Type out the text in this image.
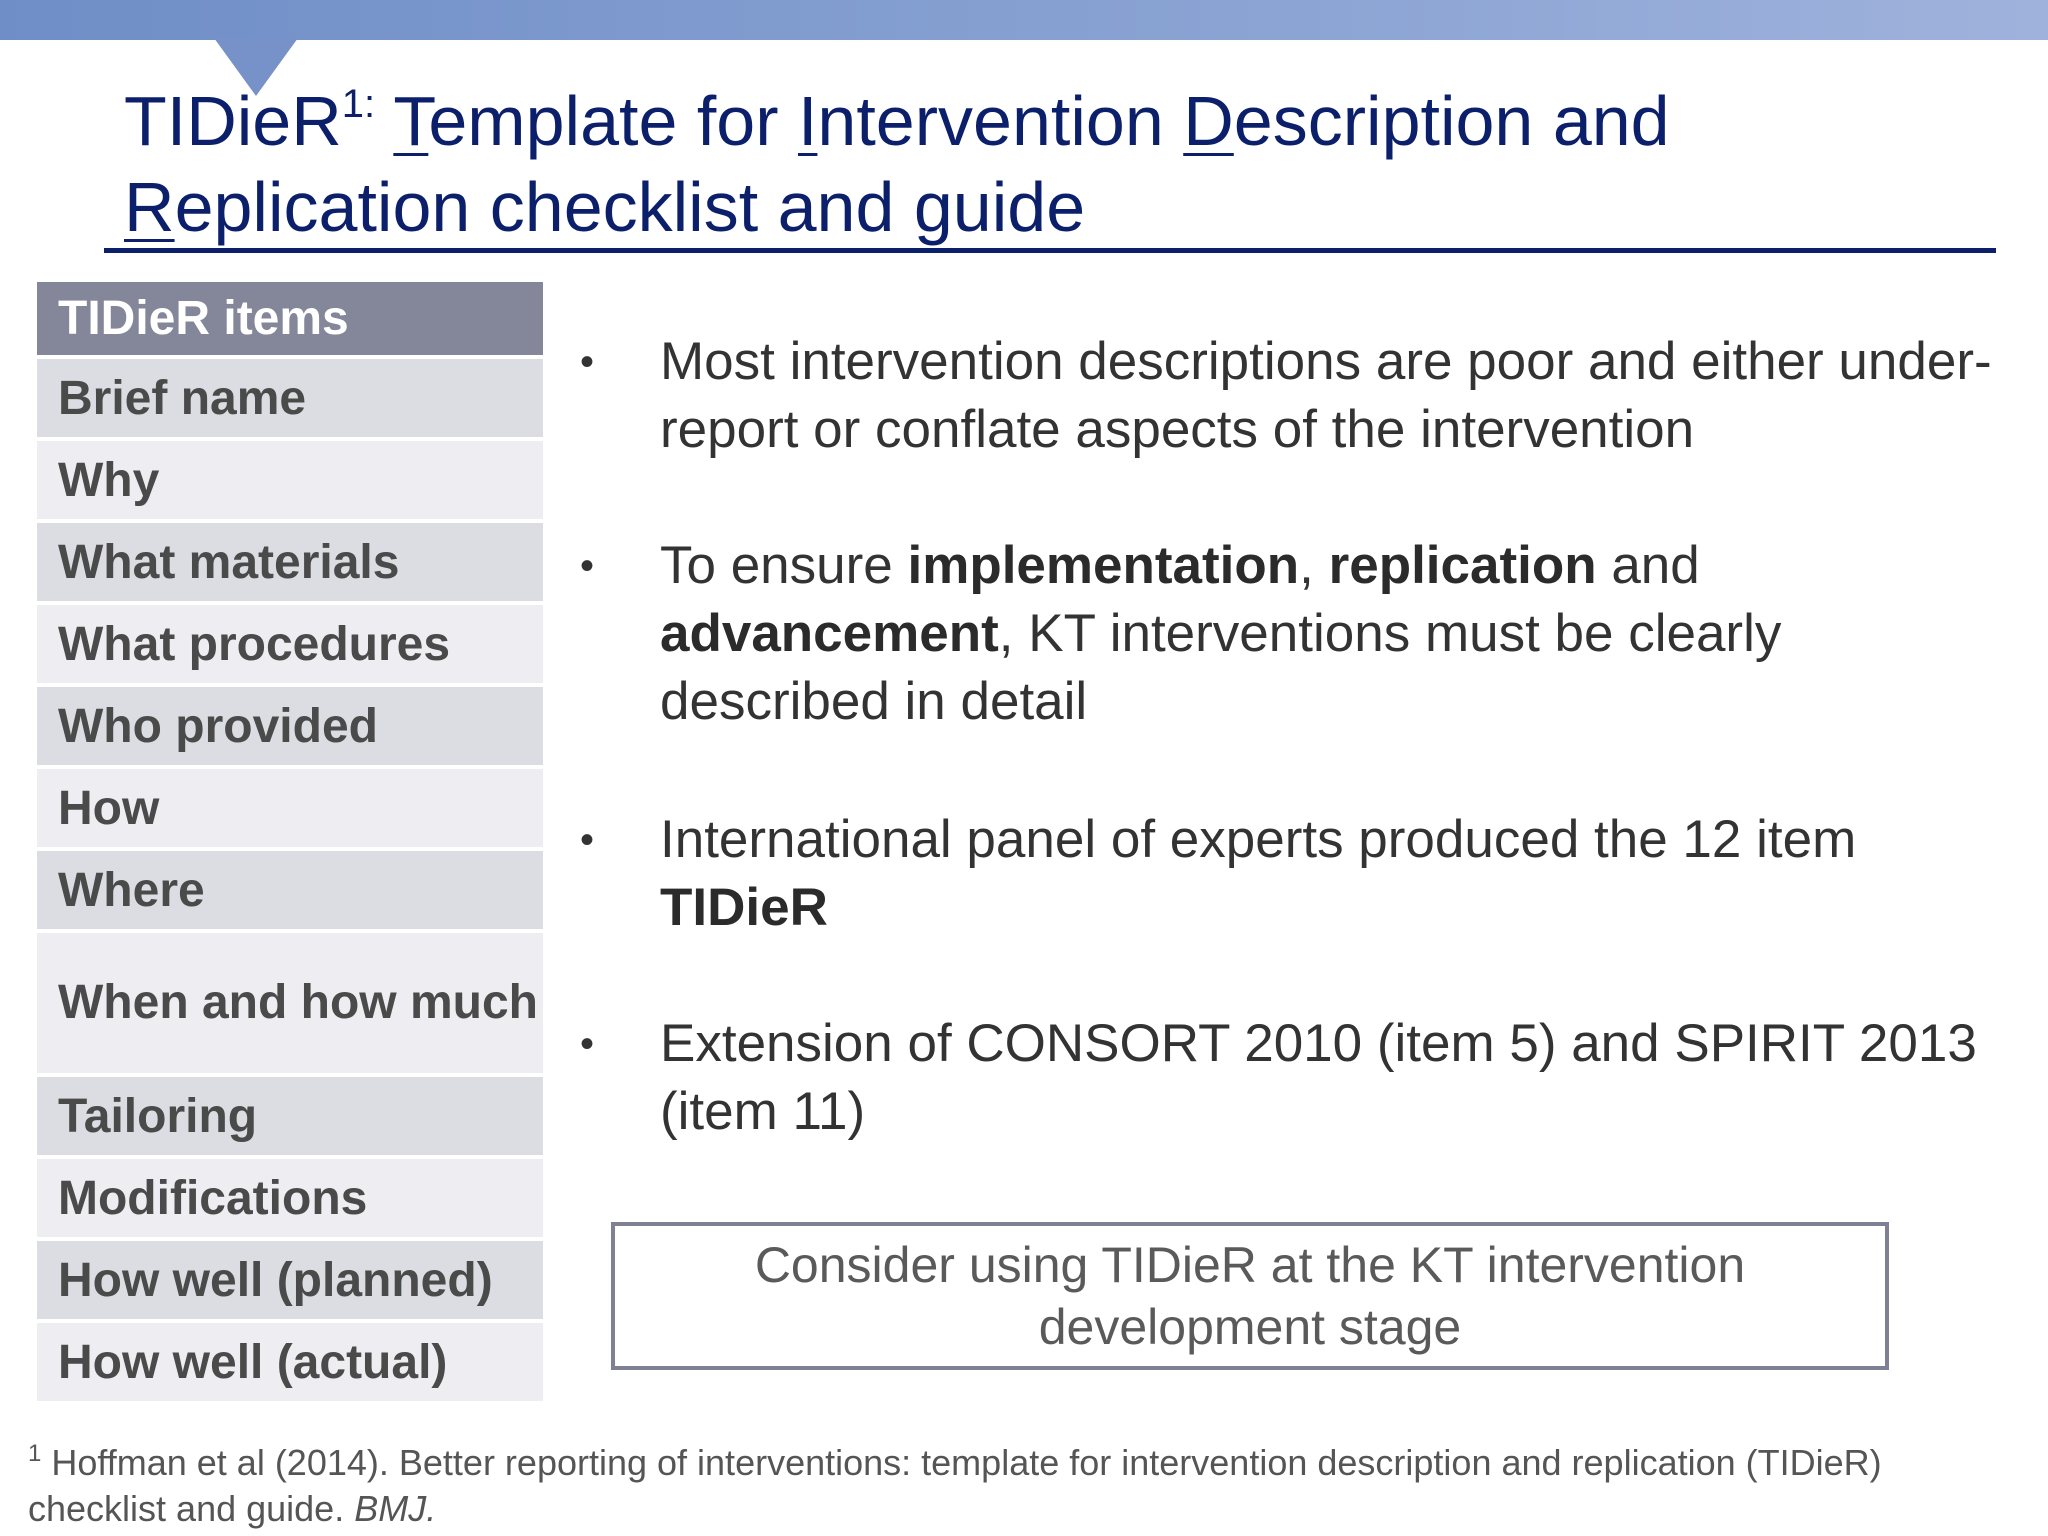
TIDieR$^{1:}$ Template for Intervention Description and
Replication checklist and guide
TIDieR items
Brief name
Why
What materials
What procedures
Who provided
How
Where
When and how much
Tailoring
Modifications
How well (planned)
How well (actual)
•	Most intervention descriptions are poor and either under-report or conflate aspects of the intervention
•	To ensure implementation, replication and advancement, KT interventions must be clearly described in detail
•	International panel of experts produced the 12 item TIDieR
•	Extension of CONSORT 2010 (item 5) and SPIRIT 2013 (item 11)
Consider using TIDieR at the KT intervention
development stage
$^1$ Hoffman et al (2014). Better reporting of interventions: template for intervention description and replication (TIDieR) checklist and guide. BMJ.
